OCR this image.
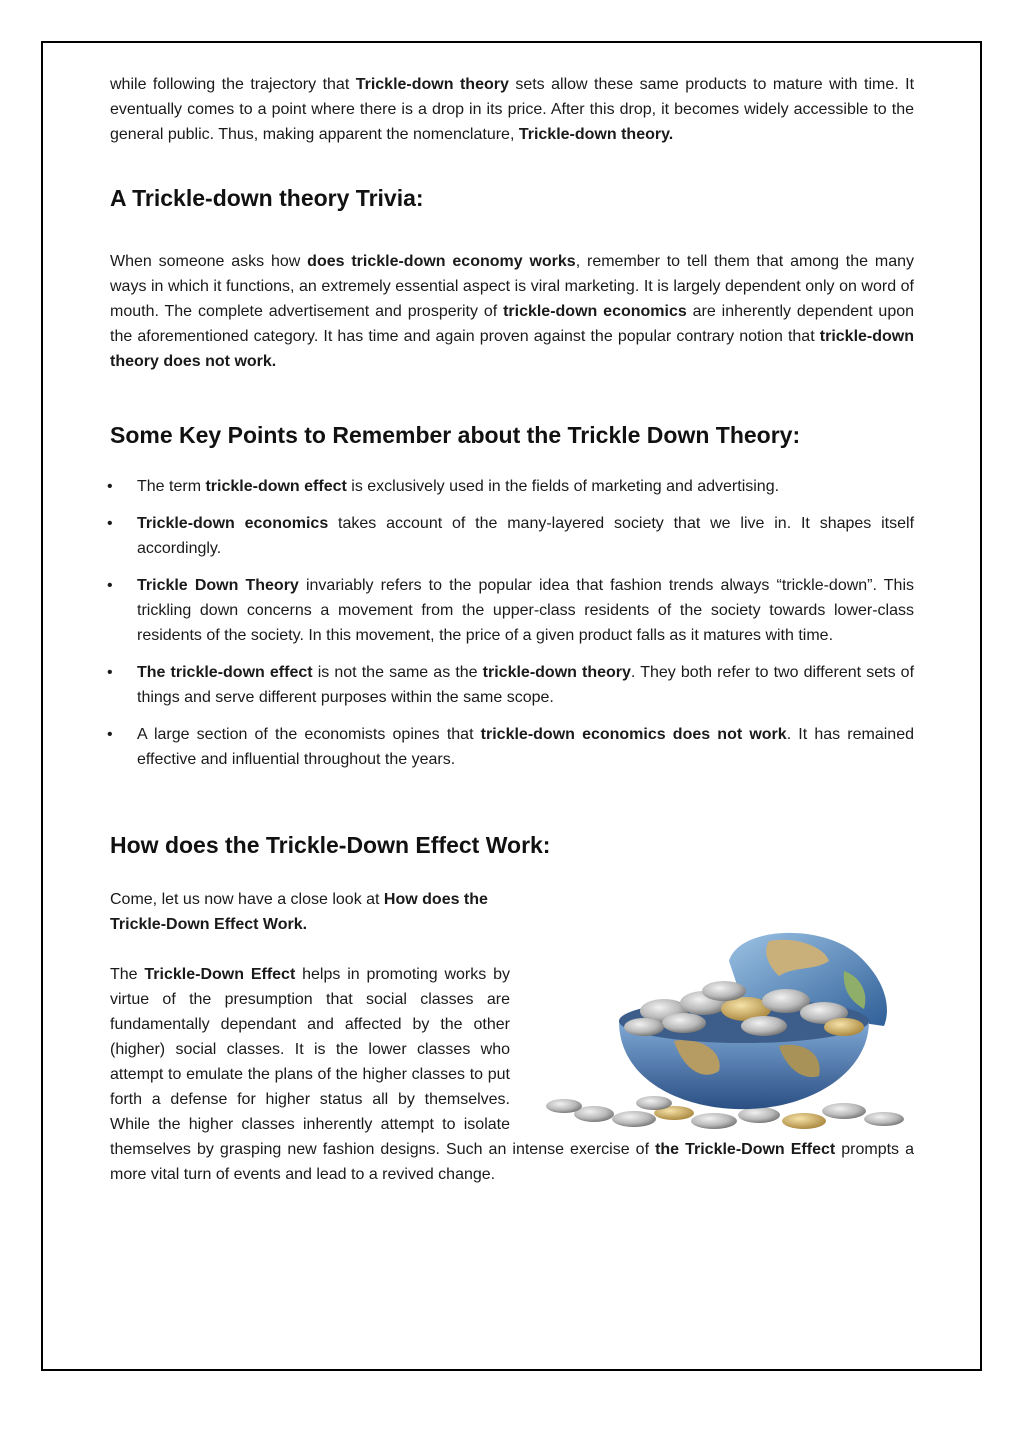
while following the trajectory that Trickle-down theory sets allow these same products to mature with time. It eventually comes to a point where there is a drop in its price. After this drop, it becomes widely accessible to the general public. Thus, making apparent the nomenclature, Trickle-down theory.

A Trickle-down theory Trivia:

When someone asks how does trickle-down economy works, remember to tell them that among the many ways in which it functions, an extremely essential aspect is viral marketing. It is largely dependent only on word of mouth. The complete advertisement and prosperity of trickle-down economics are inherently dependent upon the aforementioned category. It has time and again proven against the popular contrary notion that trickle-down theory does not work.

Some Key Points to Remember about the Trickle Down Theory:
• The term trickle-down effect is exclusively used in the fields of marketing and advertising.
• Trickle-down economics takes account of the many-layered society that we live in. It shapes itself accordingly.
• Trickle Down Theory invariably refers to the popular idea that fashion trends always “trickle-down”. This trickling down concerns a movement from the upper-class residents of the society towards lower-class residents of the society. In this movement, the price of a given product falls as it matures with time.
• The trickle-down effect is not the same as the trickle-down theory. They both refer to two different sets of things and serve different purposes within the same scope.
• A large section of the economists opines that trickle-down economics does not work. It has remained effective and influential throughout the years.
How does the Trickle-Down Effect Work:

Come, let us now have a close look at How does the Trickle-Down Effect Work.

The Trickle-Down Effect helps in promoting works by virtue of the presumption that social classes are fundamentally dependant and affected by the other (higher) social classes. It is the lower classes who attempt to emulate the plans of the higher classes to put forth a defense for higher status all by themselves. While the higher classes inherently attempt to isolate themselves by grasping new fashion designs. Such an intense exercise of the Trickle-Down Effect prompts a more vital turn of events and lead to a revived change.
